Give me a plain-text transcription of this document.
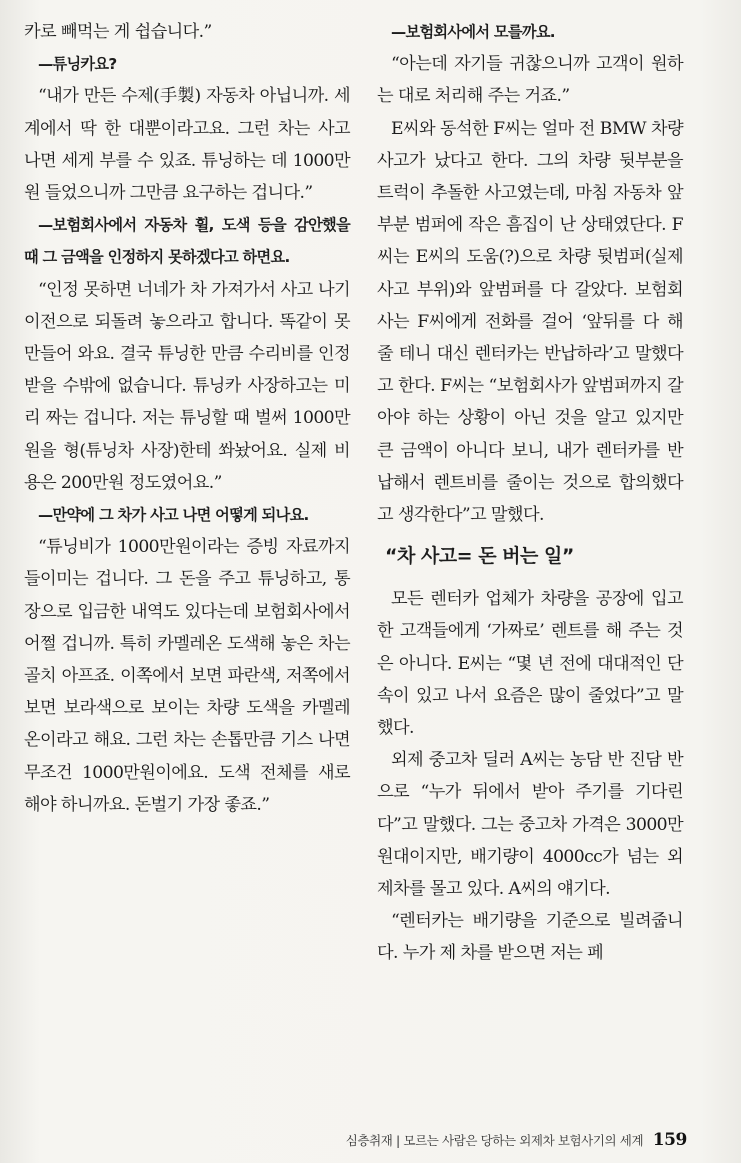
카로 빼먹는 게 쉽습니다.”

—튜닝카요?

“내가 만든 수제(手製) 자동차 아닙니까. 세계에서 딱 한 대뿐이라고요. 그런 차는 사고 나면 세게 부를 수 있죠. 튜닝하는 데 1000만원 들었으니까 그만큼 요구하는 겁니다.”

—보험회사에서 자동차 휠, 도색 등을 감안했을 때 그 금액을 인정하지 못하겠다고 하면요.

“인정 못하면 너네가 차 가져가서 사고 나기 이전으로 되돌려 놓으라고 합니다. 똑같이 못 만들어 와요. 결국 튜닝한 만큼 수리비를 인정받을 수밖에 없습니다. 튜닝카 사장하고는 미리 짜는 겁니다. 저는 튜닝할 때 벌써 1000만원을 형(튜닝차 사장)한테 쏴놨어요. 실제 비용은 200만원 정도였어요.”

—만약에 그 차가 사고 나면 어떻게 되나요.

“튜닝비가 1000만원이라는 증빙 자료까지 들이미는 겁니다. 그 돈을 주고 튜닝하고, 통장으로 입금한 내역도 있다는데 보험회사에서 어쩔 겁니까. 특히 카멜레온 도색해 놓은 차는 골치 아프죠. 이쪽에서 보면 파란색, 저쪽에서 보면 보라색으로 보이는 차량 도색을 카멜레온이라고 해요. 그런 차는 손톱만큼 기스 나면 무조건 1000만원이에요. 도색 전체를 새로 해야 하니까요. 돈벌기 가장 좋죠.”

—보험회사에서 모를까요.

“아는데 자기들 귀찮으니까 고객이 원하는 대로 처리해 주는 거죠.”

E씨와 동석한 F씨는 얼마 전 BMW 차량 사고가 났다고 한다. 그의 차량 뒷부분을 트럭이 추돌한 사고였는데, 마침 자동차 앞부분 범퍼에 작은 흠집이 난 상태였단다. F씨는 E씨의 도움(?)으로 차량 뒷범퍼(실제 사고 부위)와 앞범퍼를 다 갈았다. 보험회사는 F씨에게 전화를 걸어 ‘앞뒤를 다 해 줄 테니 대신 렌터카는 반납하라’고 말했다고 한다. F씨는 “보험회사가 앞범퍼까지 갈아야 하는 상황이 아닌 것을 알고 있지만 큰 금액이 아니다 보니, 내가 렌터카를 반납해서 렌트비를 줄이는 것으로 합의했다고 생각한다”고 말했다.

“차 사고= 돈 버는 일”

모든 렌터카 업체가 차량을 공장에 입고한 고객들에게 ‘가짜로’ 렌트를 해 주는 것은 아니다. E씨는 “몇 년 전에 대대적인 단속이 있고 나서 요즘은 많이 줄었다”고 말했다.

외제 중고차 딜러 A씨는 농담 반 진담 반으로 “누가 뒤에서 받아 주기를 기다린다”고 말했다. 그는 중고차 가격은 3000만원대이지만, 배기량이 4000cc가 넘는 외제차를 몰고 있다. A씨의 얘기다.

“렌터카는 배기량을 기준으로 빌려줍니다. 누가 제 차를 받으면 저는 페

심층취재 | 모르는 사람은 당하는 외제차 보험사기의 세계 159
